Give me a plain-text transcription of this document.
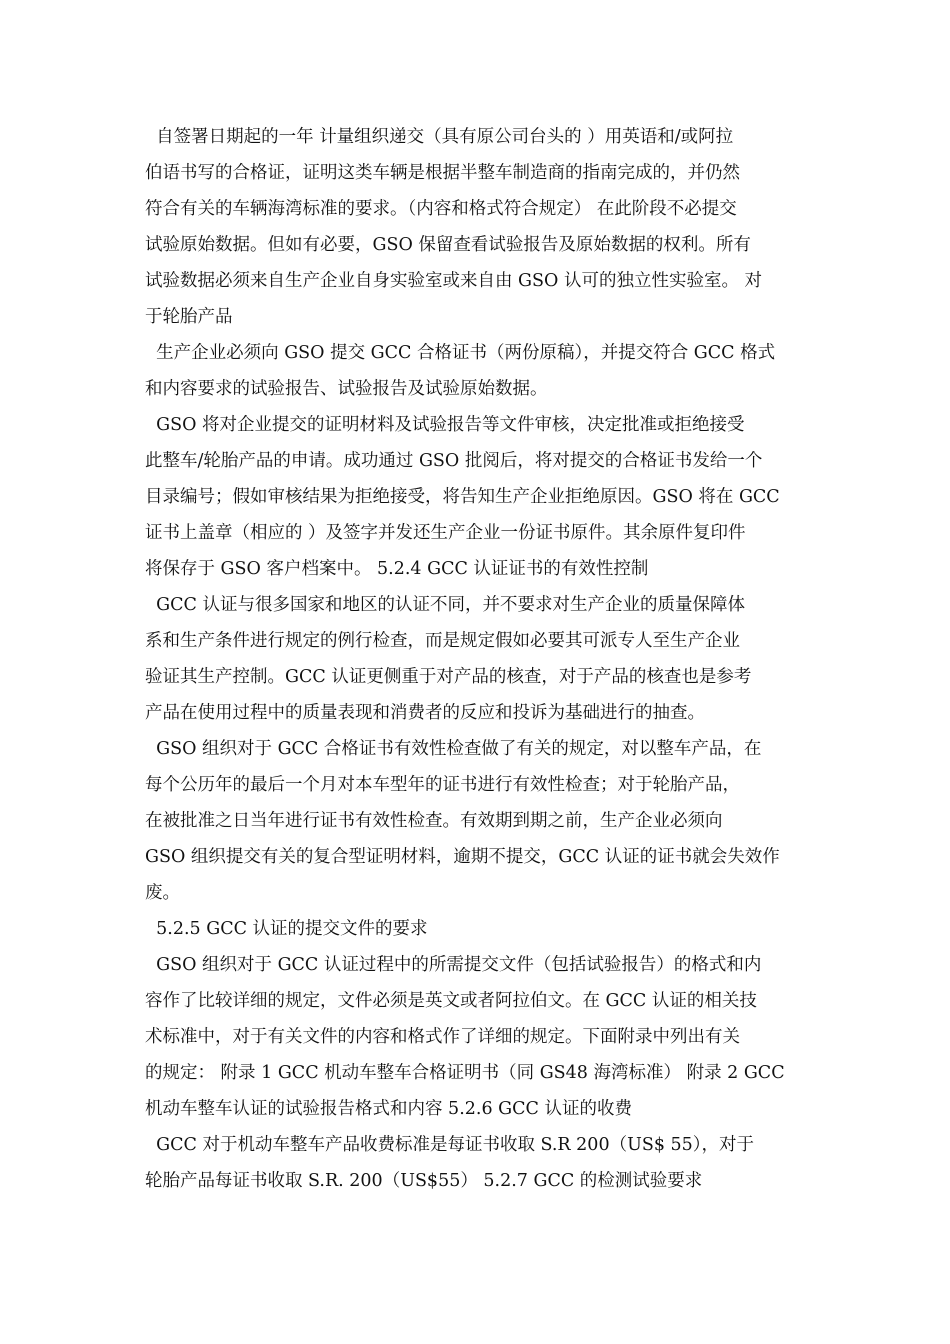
自签署日期起的一年 计量组织递交（具有原公司台头的 ）用英语和/或阿拉
伯语书写的合格证，证明这类车辆是根据半整车制造商的指南完成的，并仍然
符合有关的车辆海湾标准的要求。（内容和格式符合规定） 在此阶段不必提交
试验原始数据。但如有必要，GSO 保留查看试验报告及原始数据的权利。所有
试验数据必须来自生产企业自身实验室或来自由 GSO 认可的独立性实验室。 对
于轮胎产品
生产企业必须向 GSO 提交 GCC 合格证书（两份原稿），并提交符合 GCC 格式
和内容要求的试验报告、试验报告及试验原始数据。
GSO 将对企业提交的证明材料及试验报告等文件审核，决定批准或拒绝接受
此整车/轮胎产品的申请。成功通过 GSO 批阅后，将对提交的合格证书发给一个
目录编号；假如审核结果为拒绝接受，将告知生产企业拒绝原因。GSO 将在 GCC
证书上盖章（相应的 ）及签字并发还生产企业一份证书原件。其余原件复印件
将保存于 GSO 客户档案中。 5.2.4 GCC 认证证书的有效性控制
GCC 认证与很多国家和地区的认证不同，并不要求对生产企业的质量保障体
系和生产条件进行规定的例行检查，而是规定假如必要其可派专人至生产企业
验证其生产控制。GCC 认证更侧重于对产品的核查，对于产品的核查也是参考
产品在使用过程中的质量表现和消费者的反应和投诉为基础进行的抽查。
GSO 组织对于 GCC 合格证书有效性检查做了有关的规定，对以整车产品，在
每个公历年的最后一个月对本车型年的证书进行有效性检查；对于轮胎产品，
在被批准之日当年进行证书有效性检查。有效期到期之前，生产企业必须向
GSO 组织提交有关的复合型证明材料，逾期不提交，GCC 认证的证书就会失效作
废。
5.2.5 GCC 认证的提交文件的要求
GSO 组织对于 GCC 认证过程中的所需提交文件（包括试验报告）的格式和内
容作了比较详细的规定，文件必须是英文或者阿拉伯文。在 GCC 认证的相关技
术标准中，对于有关文件的内容和格式作了详细的规定。下面附录中列出有关
的规定： 附录 1 GCC 机动车整车合格证明书（同 GS48 海湾标准） 附录 2 GCC
机动车整车认证的试验报告格式和内容 5.2.6 GCC 认证的收费
GCC 对于机动车整车产品收费标准是每证书收取 S.R 200（US$ 55），对于
轮胎产品每证书收取 S.R. 200（US$55） 5.2.7 GCC 的检测试验要求
